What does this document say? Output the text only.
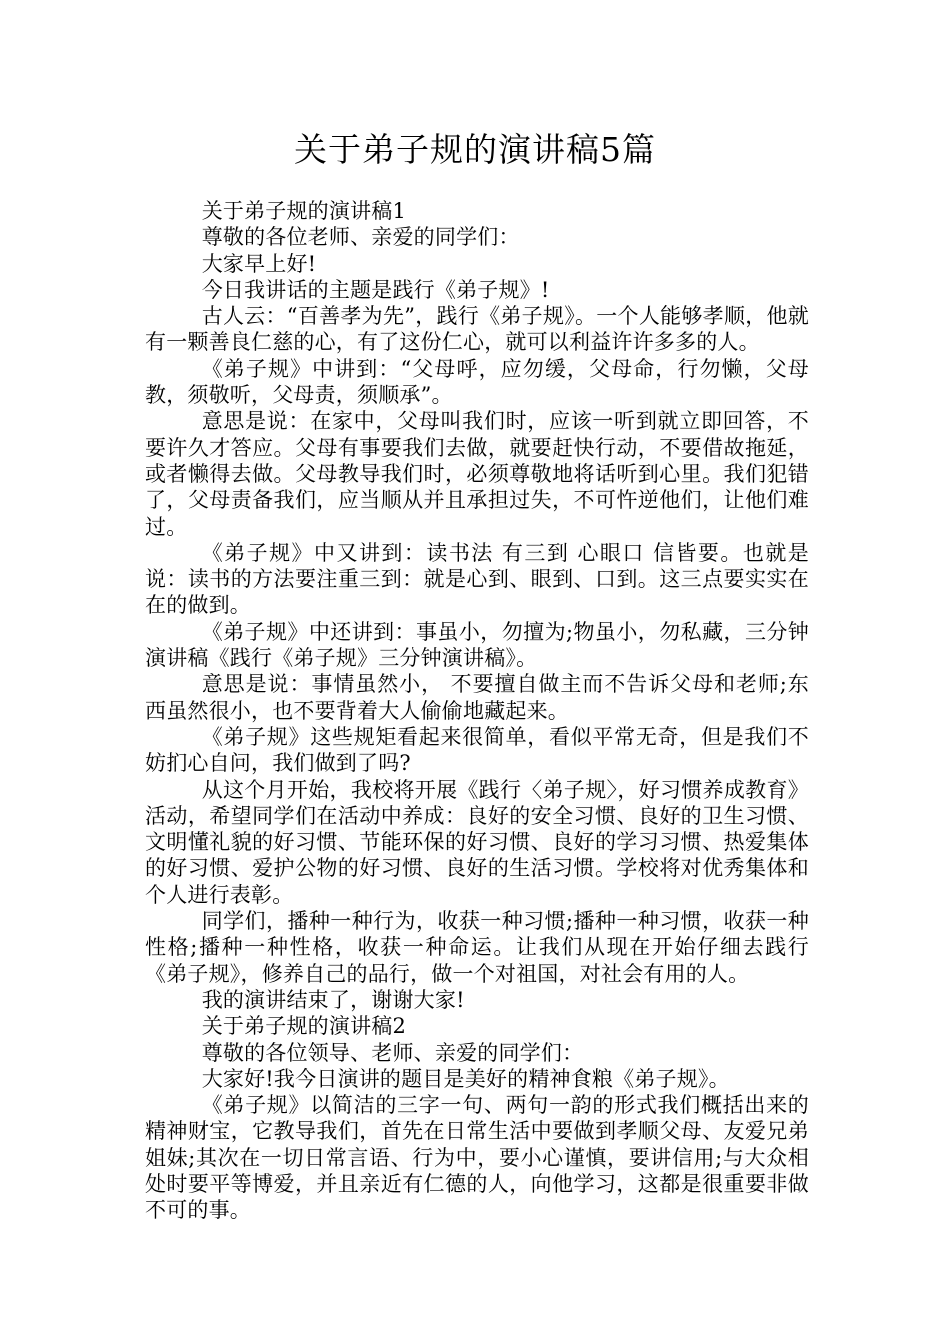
关于弟子规的演讲稿5篇

关于弟子规的演讲稿1

尊敬的各位老师、亲爱的同学们：

大家早上好!

今日我讲话的主题是践行《弟子规》!

古人云：“百善孝为先”，践行《弟子规》。一个人能够孝顺，他就有一颗善良仁慈的心，有了这份仁心，就可以利益许许多多的人。

《弟子规》中讲到：“父母呼，应勿缓，父母命，行勿懒，父母教，须敬听，父母责，须顺承”。

意思是说：在家中，父母叫我们时，应该一听到就立即回答，不要许久才答应。父母有事要我们去做，就要赶快行动，不要借故拖延，或者懒得去做。父母教导我们时，必须尊敬地将话听到心里。我们犯错了，父母责备我们，应当顺从并且承担过失，不可忤逆他们，让他们难过。

《弟子规》中又讲到：读书法 有三到 心眼口 信皆要。也就是说：读书的方法要注重三到：就是心到、眼到、口到。这三点要实实在在的做到。

《弟子规》中还讲到：事虽小，勿擅为;物虽小，勿私藏，三分钟演讲稿《践行《弟子规》三分钟演讲稿》。

意思是说：事情虽然小， 不要擅自做主而不告诉父母和老师;东西虽然很小，也不要背着大人偷偷地藏起来。

《弟子规》这些规矩看起来很简单，看似平常无奇，但是我们不妨扪心自问，我们做到了吗?

从这个月开始，我校将开展《践行〈弟子规〉，好习惯养成教育》活动，希望同学们在活动中养成：良好的安全习惯、良好的卫生习惯、文明懂礼貌的好习惯、节能环保的好习惯、良好的学习习惯、热爱集体的好习惯、爱护公物的好习惯、良好的生活习惯。学校将对优秀集体和个人进行表彰。

同学们，播种一种行为，收获一种习惯;播种一种习惯，收获一种性格;播种一种性格，收获一种命运。让我们从现在开始仔细去践行《弟子规》，修养自己的品行，做一个对祖国，对社会有用的人。

我的演讲结束了，谢谢大家!

关于弟子规的演讲稿2

尊敬的各位领导、老师、亲爱的同学们：

大家好!我今日演讲的题目是美好的精神食粮《弟子规》。

《弟子规》以简洁的三字一句、两句一韵的形式我们概括出来的精神财宝，它教导我们，首先在日常生活中要做到孝顺父母、友爱兄弟姐妹;其次在一切日常言语、行为中，要小心谨慎，要讲信用;与大众相处时要平等博爱，并且亲近有仁德的人，向他学习，这都是很重要非做不可的事。
